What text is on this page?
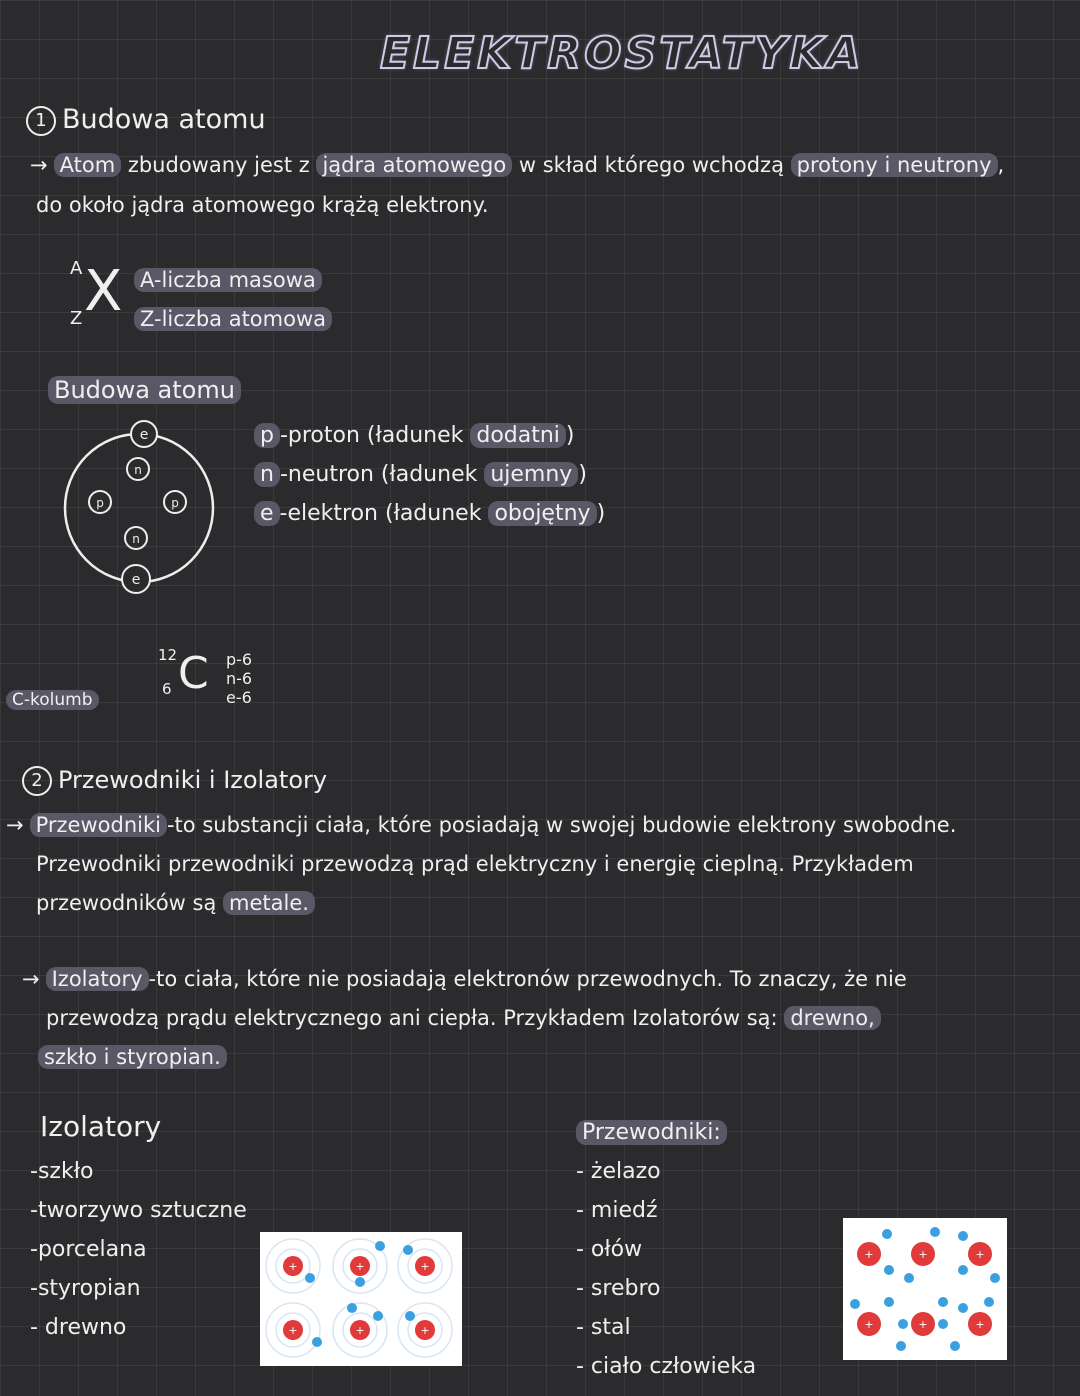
ELEKTROSTATYKA
1 Budowa atomu
→ Atom zbudowany jest z jądra atomowego w skład którego wchodzą protony i neutrony ,
do około jądra atomowego krążą elektrony.
A
Z X A-liczba masowa
Z-liczba atomowa
Budowa atomu
e
e
n
n
p	p
p -proton (ładunek dodatni )
n -neutron (ładunek ujemny )
e -elektron (ładunek obojętny )
12
6 C p-6
n-6
e-6
C-kolumb
2 Przewodniki i Izolatory
→ Przewodniki -to substancji ciała, które posiadają w swojej budowie elektrony swobodne.
Przewodniki przewodniki przewodzą prąd elektryczny i energię cieplną. Przykładem
przewodników są metale.
→ Izolatory -to ciała, które nie posiadają elektronów przewodnych. To znaczy, że nie
przewodzą prądu elektrycznego ani ciepła. Przykładem Izolatorów są: drewno,
szkło i styropian.
Izolatory
-szkło
-tworzywo sztuczne
-porcelana
-styropian
- drewno
+	+	+
+	+	+
Przewodniki:
- żelazo
- miedź
- ołów
- srebro
- stal
- ciało człowieka
+	+	+
+	+	+
